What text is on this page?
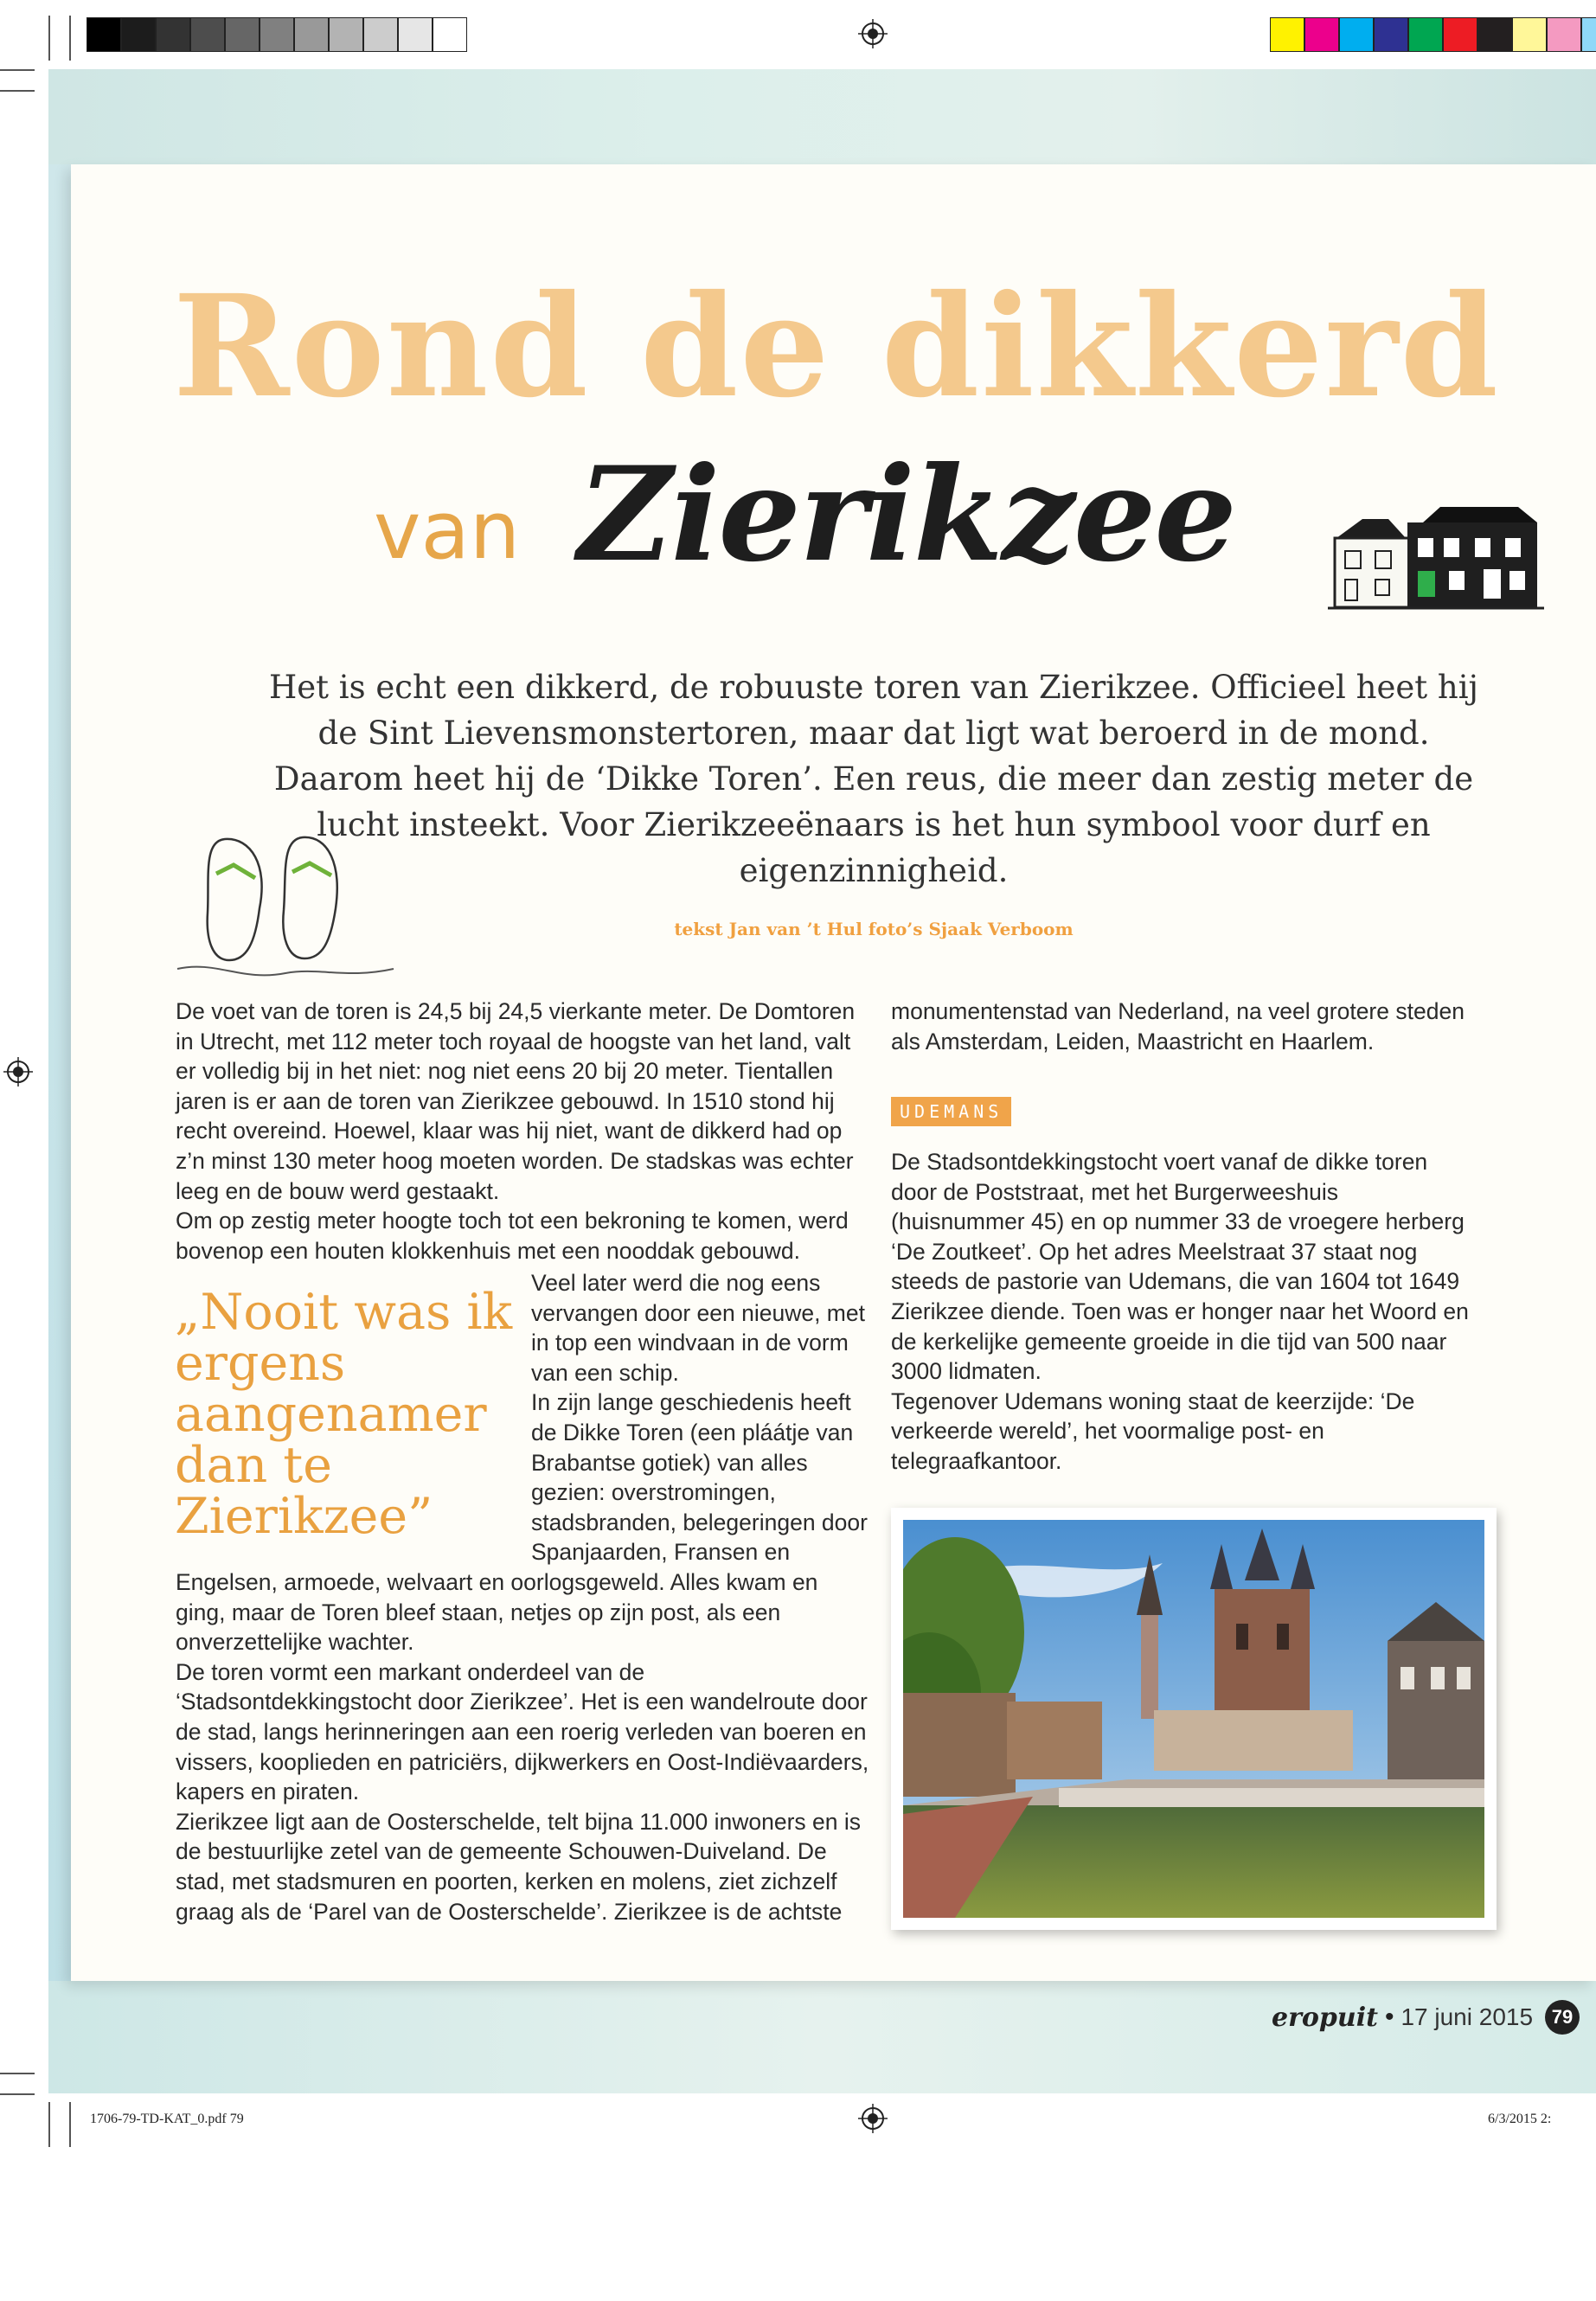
Rond de dikkerd
van Zierikzee
Het is echt een dikkerd, de robuuste toren van Zierikzee. Officieel heet hij de Sint Lievensmonstertoren, maar dat ligt wat beroerd in de mond. Daarom heet hij de ‘Dikke Toren’. Een reus, die meer dan zestig meter de lucht insteekt. Voor Zierikzeeënaars is het hun symbool voor durf en eigenzinnigheid.
tekst Jan van ’t Hul foto’s Sjaak Verboom

De voet van de toren is 24,5 bij 24,5 vierkante meter. De Domtoren in Utrecht, met 112 meter toch royaal de hoogste van het land, valt er volledig bij in het niet: nog niet eens 20 bij 20 meter. Tientallen jaren is er aan de toren van Zierikzee gebouwd. In 1510 stond hij recht overeind. Hoewel, klaar was hij niet, want de dikkerd had op z’n minst 130 meter hoog moeten worden. De stadskas was echter leeg en de bouw werd gestaakt.

Om op zestig meter hoogte toch tot een bekroning te komen, werd bovenop een houten klokkenhuis met een nooddak gebouwd.

„Nooit was ik ergens aangenamer dan te Zierikzee”

Veel later werd die nog eens vervangen door een nieuwe, met in top een windvaan in de vorm van een schip.

In zijn lange geschiedenis heeft de Dikke Toren (een pláátje van Brabantse gotiek) van alles gezien: overstromingen, stadsbranden, belegeringen door Spanjaarden, Fransen en

Engelsen, armoede, welvaart en oorlogsgeweld. Alles kwam en ging, maar de Toren bleef staan, netjes op zijn post, als een onverzettelijke wachter.

De toren vormt een markant onderdeel van de ‘Stadsontdekkingstocht door Zierikzee’. Het is een wandelroute door de stad, langs herinneringen aan een roerig verleden van boeren en vissers, kooplieden en patriciërs, dijkwerkers en Oost-Indiëvaarders, kapers en piraten.

Zierikzee ligt aan de Oosterschelde, telt bijna 11.000 inwoners en is de bestuurlijke zetel van de gemeente Schouwen-Duiveland. De stad, met stadsmuren en poorten, kerken en molens, ziet zichzelf graag als de ‘Parel van de Oosterschelde’. Zierikzee is de achtste

monumentenstad van Nederland, na veel grotere steden als Amsterdam, Leiden, Maastricht en Haarlem.

UDEMANS

De Stadsontdekkingstocht voert vanaf de dikke toren door de Poststraat, met het Burgerweeshuis (huisnummer 45) en op nummer 33 de vroegere herberg ‘De Zoutkeet’. Op het adres Meelstraat 37 staat nog steeds de pastorie van Udemans, die van 1604 tot 1649 Zierikzee diende. Toen was er honger naar het Woord en de kerkelijke gemeente groeide in die tijd van 500 naar 3000 lidmaten.

Tegenover Udemans woning staat de keerzijde: ‘De verkeerde wereld’, het voormalige post- en telegraafkantoor.

eropuit • 17 juni 2015 79
1706-79-TD-KAT_0.pdf 79	6/3/2015 2:
